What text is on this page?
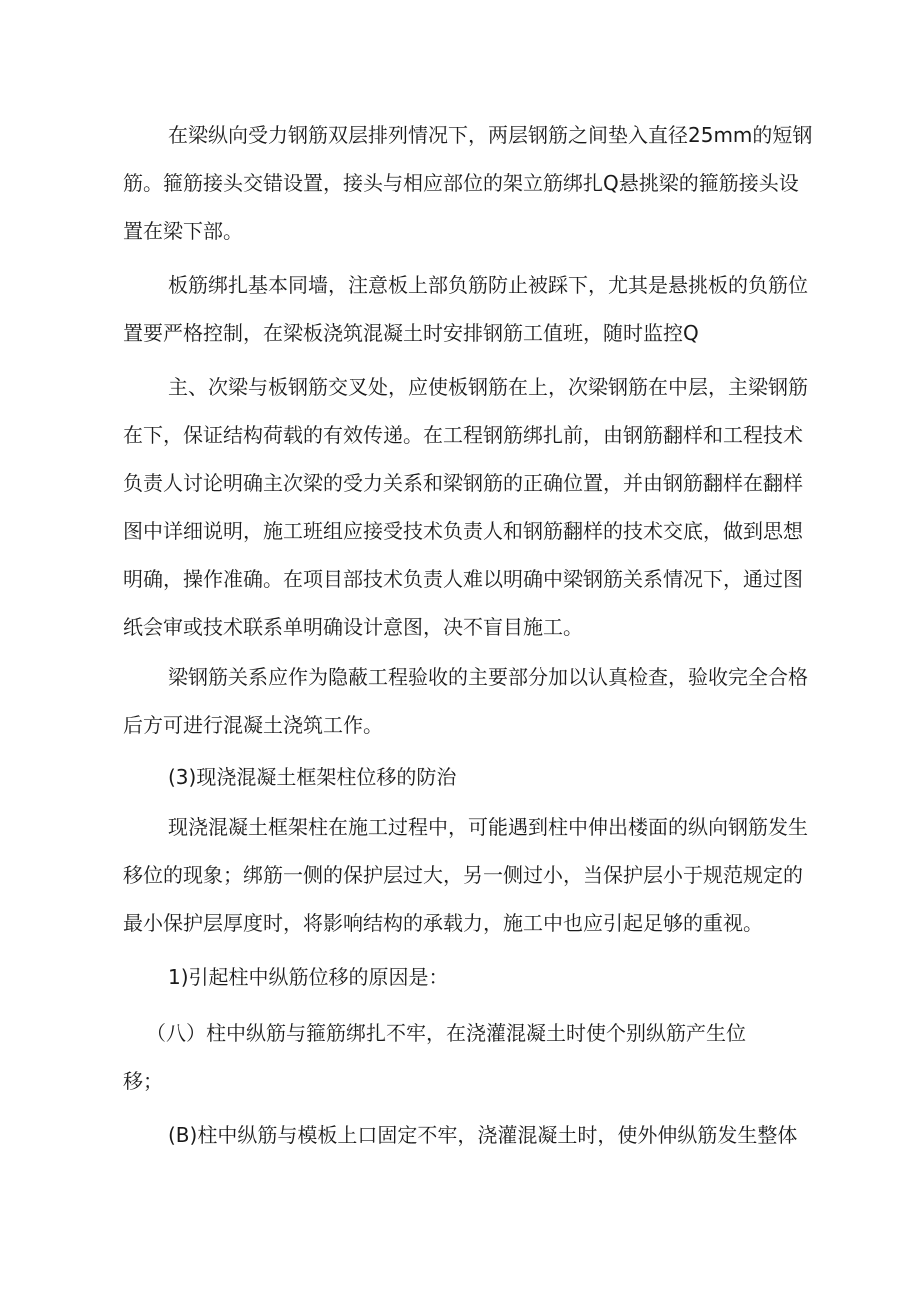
在梁纵向受力钢筋双层排列情况下，两层钢筋之间垫入直径25mm的短钢
筋。箍筋接头交错设置，接头与相应部位的架立筋绑扎Q悬挑梁的箍筋接头设
置在梁下部。
板筋绑扎基本同墙，注意板上部负筋防止被踩下，尤其是悬挑板的负筋位
置要严格控制，在梁板浇筑混凝土时安排钢筋工值班，随时监控Q
主、次梁与板钢筋交叉处，应使板钢筋在上，次梁钢筋在中层，主梁钢筋
在下，保证结构荷载的有效传递。在工程钢筋绑扎前，由钢筋翻样和工程技术
负责人讨论明确主次梁的受力关系和梁钢筋的正确位置，并由钢筋翻样在翻样
图中详细说明，施工班组应接受技术负责人和钢筋翻样的技术交底，做到思想
明确，操作准确。在项目部技术负责人难以明确中梁钢筋关系情况下，通过图
纸会审或技术联系单明确设计意图，决不盲目施工。
梁钢筋关系应作为隐蔽工程验收的主要部分加以认真检查，验收完全合格
后方可进行混凝土浇筑工作。
(3)现浇混凝土框架柱位移的防治
现浇混凝土框架柱在施工过程中，可能遇到柱中伸出楼面的纵向钢筋发生
移位的现象；绑筋一侧的保护层过大，另一侧过小，当保护层小于规范规定的
最小保护层厚度时，将影响结构的承载力，施工中也应引起足够的重视。
1)引起柱中纵筋位移的原因是：
（八）柱中纵筋与箍筋绑扎不牢，在浇灌混凝土时使个别纵筋产生位
移；
(B)柱中纵筋与模板上口固定不牢，浇灌混凝土时，使外伸纵筋发生整体
